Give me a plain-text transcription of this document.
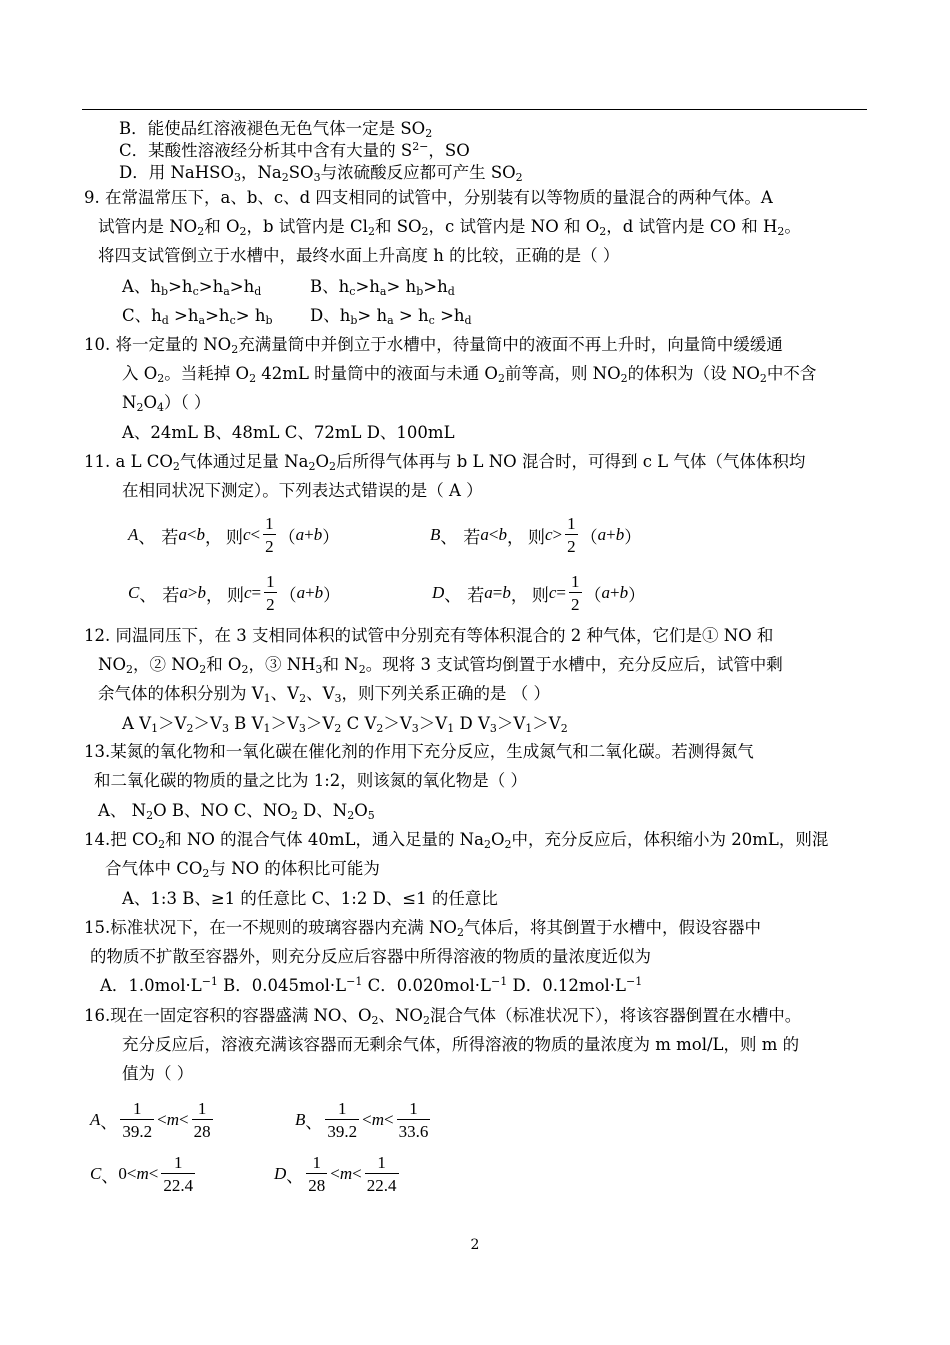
B．能使品红溶液褪色无色气体一定是 $SO_2$
C．某酸性溶液经分析其中含有大量的 $S^{2-}$，SO
D．用 NaHSO$_3$，$Na_2SO_3$与浓硫酸反应都可产生 $SO_2$
9. 在常温常压下，a、b、c、d 四支相同的试管中，分别装有以等物质的量混合的两种气体。A
试管内是 $NO_2$和 $O_2$，b 试管内是 $Cl_2$和 $SO_2$，c 试管内是 NO 和 $O_2$，d 试管内是 CO 和 $H_2$。
将四支试管倒立于水槽中，最终水面上升高度 h 的比较，正确的是（ ）
A、$h_b>h_c>h_a>h_d$	B、$h_c>h_a> h_b>h_d$
C、$h_d >h_a>h_c> h_b$ D、$h_b> h_a > h_c >h_d$
10. 将一定量的 $NO_2$充满量筒中并倒立于水槽中，待量筒中的液面不再上升时，向量筒中缓缓通
入 $O_2$。当耗掉 $O_2$ 42mL 时量筒中的液面与未通 $O_2$前等高，则 $NO_2$的体积为（设 $NO_2$中不含
$N_2O_4$）（ ）
A、24mL B、48mL C、72mL D、100mL
11. a L $CO_2$气体通过足量 $Na_2O_2$后所得气体再与 b L NO 混合时，可得到 c L 气体（气体体积均
在相同状况下测定）。下列表达式错误的是（ A ）
A 、 若 a < b ， 则 $c < \frac{1}{2}$ （ a + b ）	B 、 若 a < b ， 则 $c > \frac{1}{2}$ （ a + b ）
C 、 若 a > b ， 则 $c = \frac{1}{2}$ （ a + b ）	D 、 若 a = b ， 则 $c = \frac{1}{2}$ （ a + b ）
12. 同温同压下，在 3 支相同体积的试管中分别充有等体积混合的 2 种气体，它们是① NO 和
$NO_2$，② $NO_2$和 $O_2$，③ $NH_3$和 $N_2$。现将 3 支试管均倒置于水槽中，充分反应后，试管中剩
余气体的体积分别为 $V_1$、$V_2$、$V_3$，则下列关系正确的是 （ ）
A $V_1>V_2>V_3$ B $V_1>V_3>V_2$ C $V_2>V_3>V_1$ D $V_3>V_1>V_2$
13.某氮的氧化物和一氧化碳在催化剂的作用下充分反应，生成氮气和二氧化碳。若测得氮气
和二氧化碳的物质的量之比为 1:2，则该氮的氧化物是（ ）
A、 $N_2O$ B、NO C、$NO_2$ D、$N_2O_5$
14.把 $CO_2$和 NO 的混合气体 40mL，通入足量的 $Na_2O_2$中，充分反应后，体积缩小为 20mL，则混
合气体中 $CO_2$与 NO 的体积比可能为
A、1:3 B、≥1 的任意比 C、1:2 D、≤1 的任意比
15.标准状况下，在一不规则的玻璃容器内充满 $NO_2$气体后，将其倒置于水槽中，假设容器中
的物质不扩散至容器外，则充分反应后容器中所得溶液的物质的量浓度近似为
A．$1.0mol\cdot L^{-1}$ B．$0.045mol\cdot L^{-1}$ C．$0.020mol\cdot L^{-1}$ D．$0.12mol\cdot L^{-1}$
16.现在一固定容积的容器盛满 NO、$O_2$、$NO_2$混合气体（标准状况下），将该容器倒置在水槽中。
充分反应后，溶液充满该容器而无剩余气体，所得溶液的物质的量浓度为 m mol/L，则 m 的
值为（ ）
A 、 $\frac{1}{39.2} < m < \frac{1}{28}$	B 、 $\frac{1}{39.2} < m < \frac{1}{33.6}$
C 、 $0 < m < \frac{1}{22.4}$	D 、 $\frac{1}{28} < m < \frac{1}{22.4}$
2
